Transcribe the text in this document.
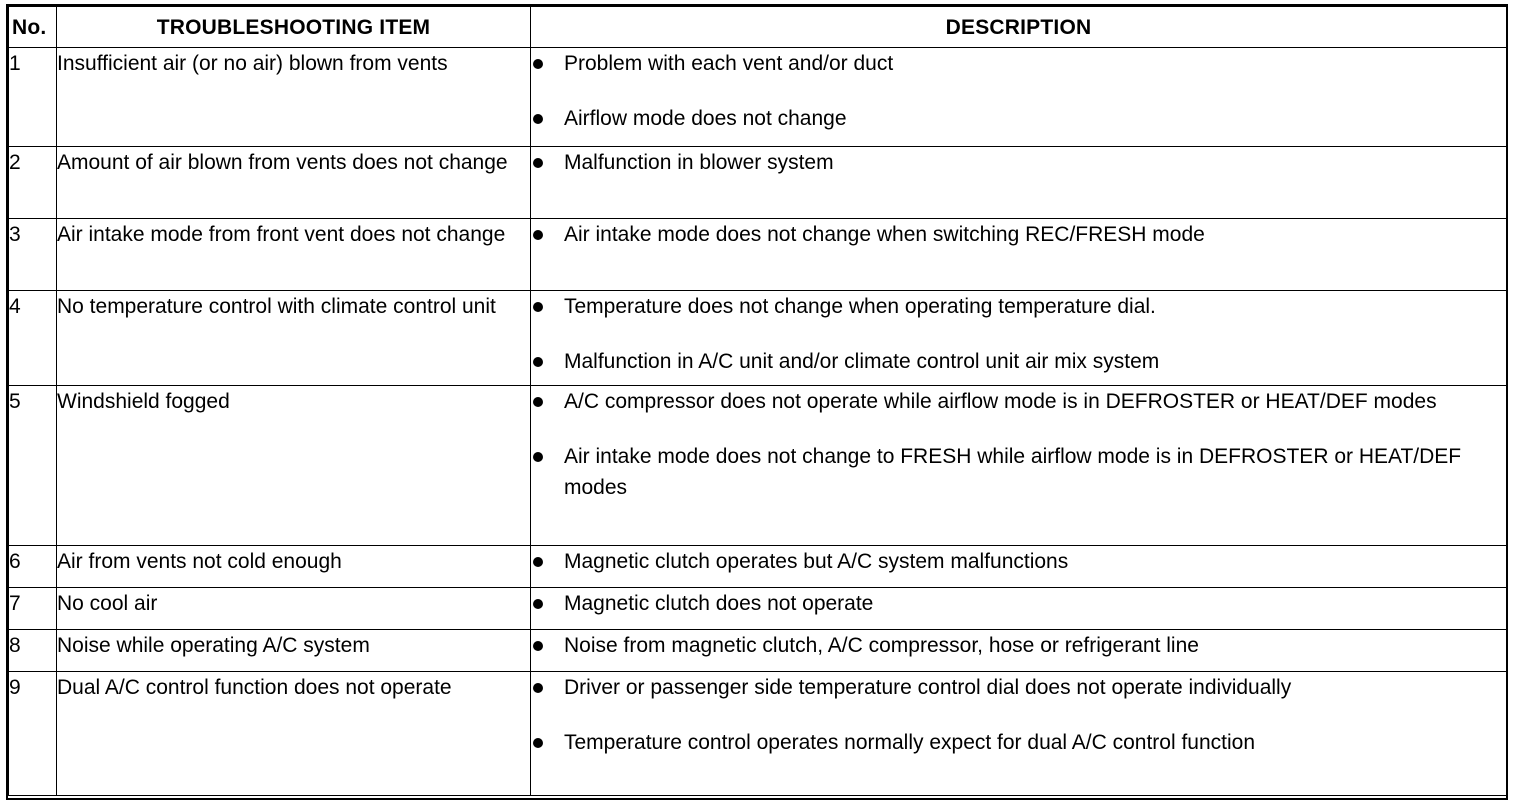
No.	TROUBLESHOOTING ITEM	DESCRIPTION
1	Insufficient air (or no air) blown from vents	Problem with each vent and/or duct
Airflow mode does not change

2	Amount of air blown from vents does not change	Malfunction in blower system

3	Air intake mode from front vent does not change	Air intake mode does not change when switching REC/FRESH mode

4	No temperature control with climate control unit	Temperature does not change when operating temperature dial.
Malfunction in A/C unit and/or climate control unit air mix system

5	Windshield fogged	A/C compressor does not operate while airflow mode is in DEFROSTER or HEAT/DEF modes
Air intake mode does not change to FRESH while airflow mode is in DEFROSTER or HEAT/DEF modes

6	Air from vents not cold enough	Magnetic clutch operates but A/C system malfunctions

7	No cool air	Magnetic clutch does not operate

8	Noise while operating A/C system	Noise from magnetic clutch, A/C compressor, hose or refrigerant line

9	Dual A/C control function does not operate	Driver or passenger side temperature control dial does not operate individually
Temperature control operates normally expect for dual A/C control function
